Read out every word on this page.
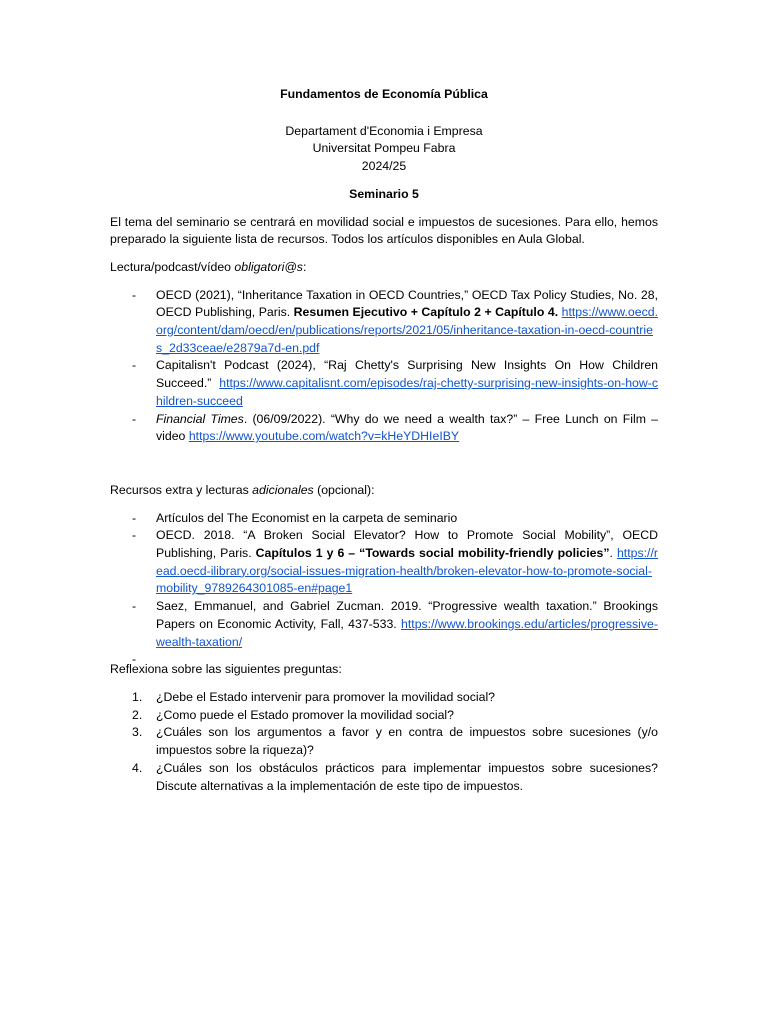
Fundamentos de Economía Pública

Departament d'Economia i Empresa
Universitat Pompeu Fabra
2024/25

Seminario 5

El tema del seminario se centrará en movilidad social e impuestos de sucesiones. Para ello, hemos preparado la siguiente lista de recursos. Todos los artículos disponibles en Aula Global.

Lectura/podcast/vídeo obligatori@s:

- OECD (2021), “Inheritance Taxation in OECD Countries,” OECD Tax Policy Studies, No. 28, OECD Publishing, Paris. Resumen Ejecutivo + Capítulo 2 + Capítulo 4. https://www.oecd.org/content/dam/oecd/en/publications/reports/2021/05/inheritance-taxation-in-oecd-countries_2d33ceae/e2879a7d-en.pdf
- Capitalisn't Podcast (2024), “Raj Chetty's Surprising New Insights On How Children Succeed.” https://www.capitalisnt.com/episodes/raj-chetty-surprising-new-insights-on-how-children-succeed
- Financial Times. (06/09/2022). “Why do we need a wealth tax?” – Free Lunch on Film – video https://www.youtube.com/watch?v=kHeYDHIeIBY

Recursos extra y lecturas adicionales (opcional):

- Artículos del The Economist en la carpeta de seminario
- OECD. 2018. “A Broken Social Elevator? How to Promote Social Mobility”, OECD Publishing, Paris. Capítulos 1 y 6 – “Towards social mobility-friendly policies”. https://read.oecd-ilibrary.org/social-issues-migration-health/broken-elevator-how-to-promote-social-mobility_9789264301085-en#page1
- Saez, Emmanuel, and Gabriel Zucman. 2019. “Progressive wealth taxation.” Brookings Papers on Economic Activity, Fall, 437-533. https://www.brookings.edu/articles/progressive-wealth-taxation/
-

Reflexiona sobre las siguientes preguntas:

1. ¿Debe el Estado intervenir para promover la movilidad social?
2. ¿Como puede el Estado promover la movilidad social?
3. ¿Cuáles son los argumentos a favor y en contra de impuestos sobre sucesiones (y/o impuestos sobre la riqueza)?
4. ¿Cuáles son los obstáculos prácticos para implementar impuestos sobre sucesiones? Discute alternativas a la implementación de este tipo de impuestos.
